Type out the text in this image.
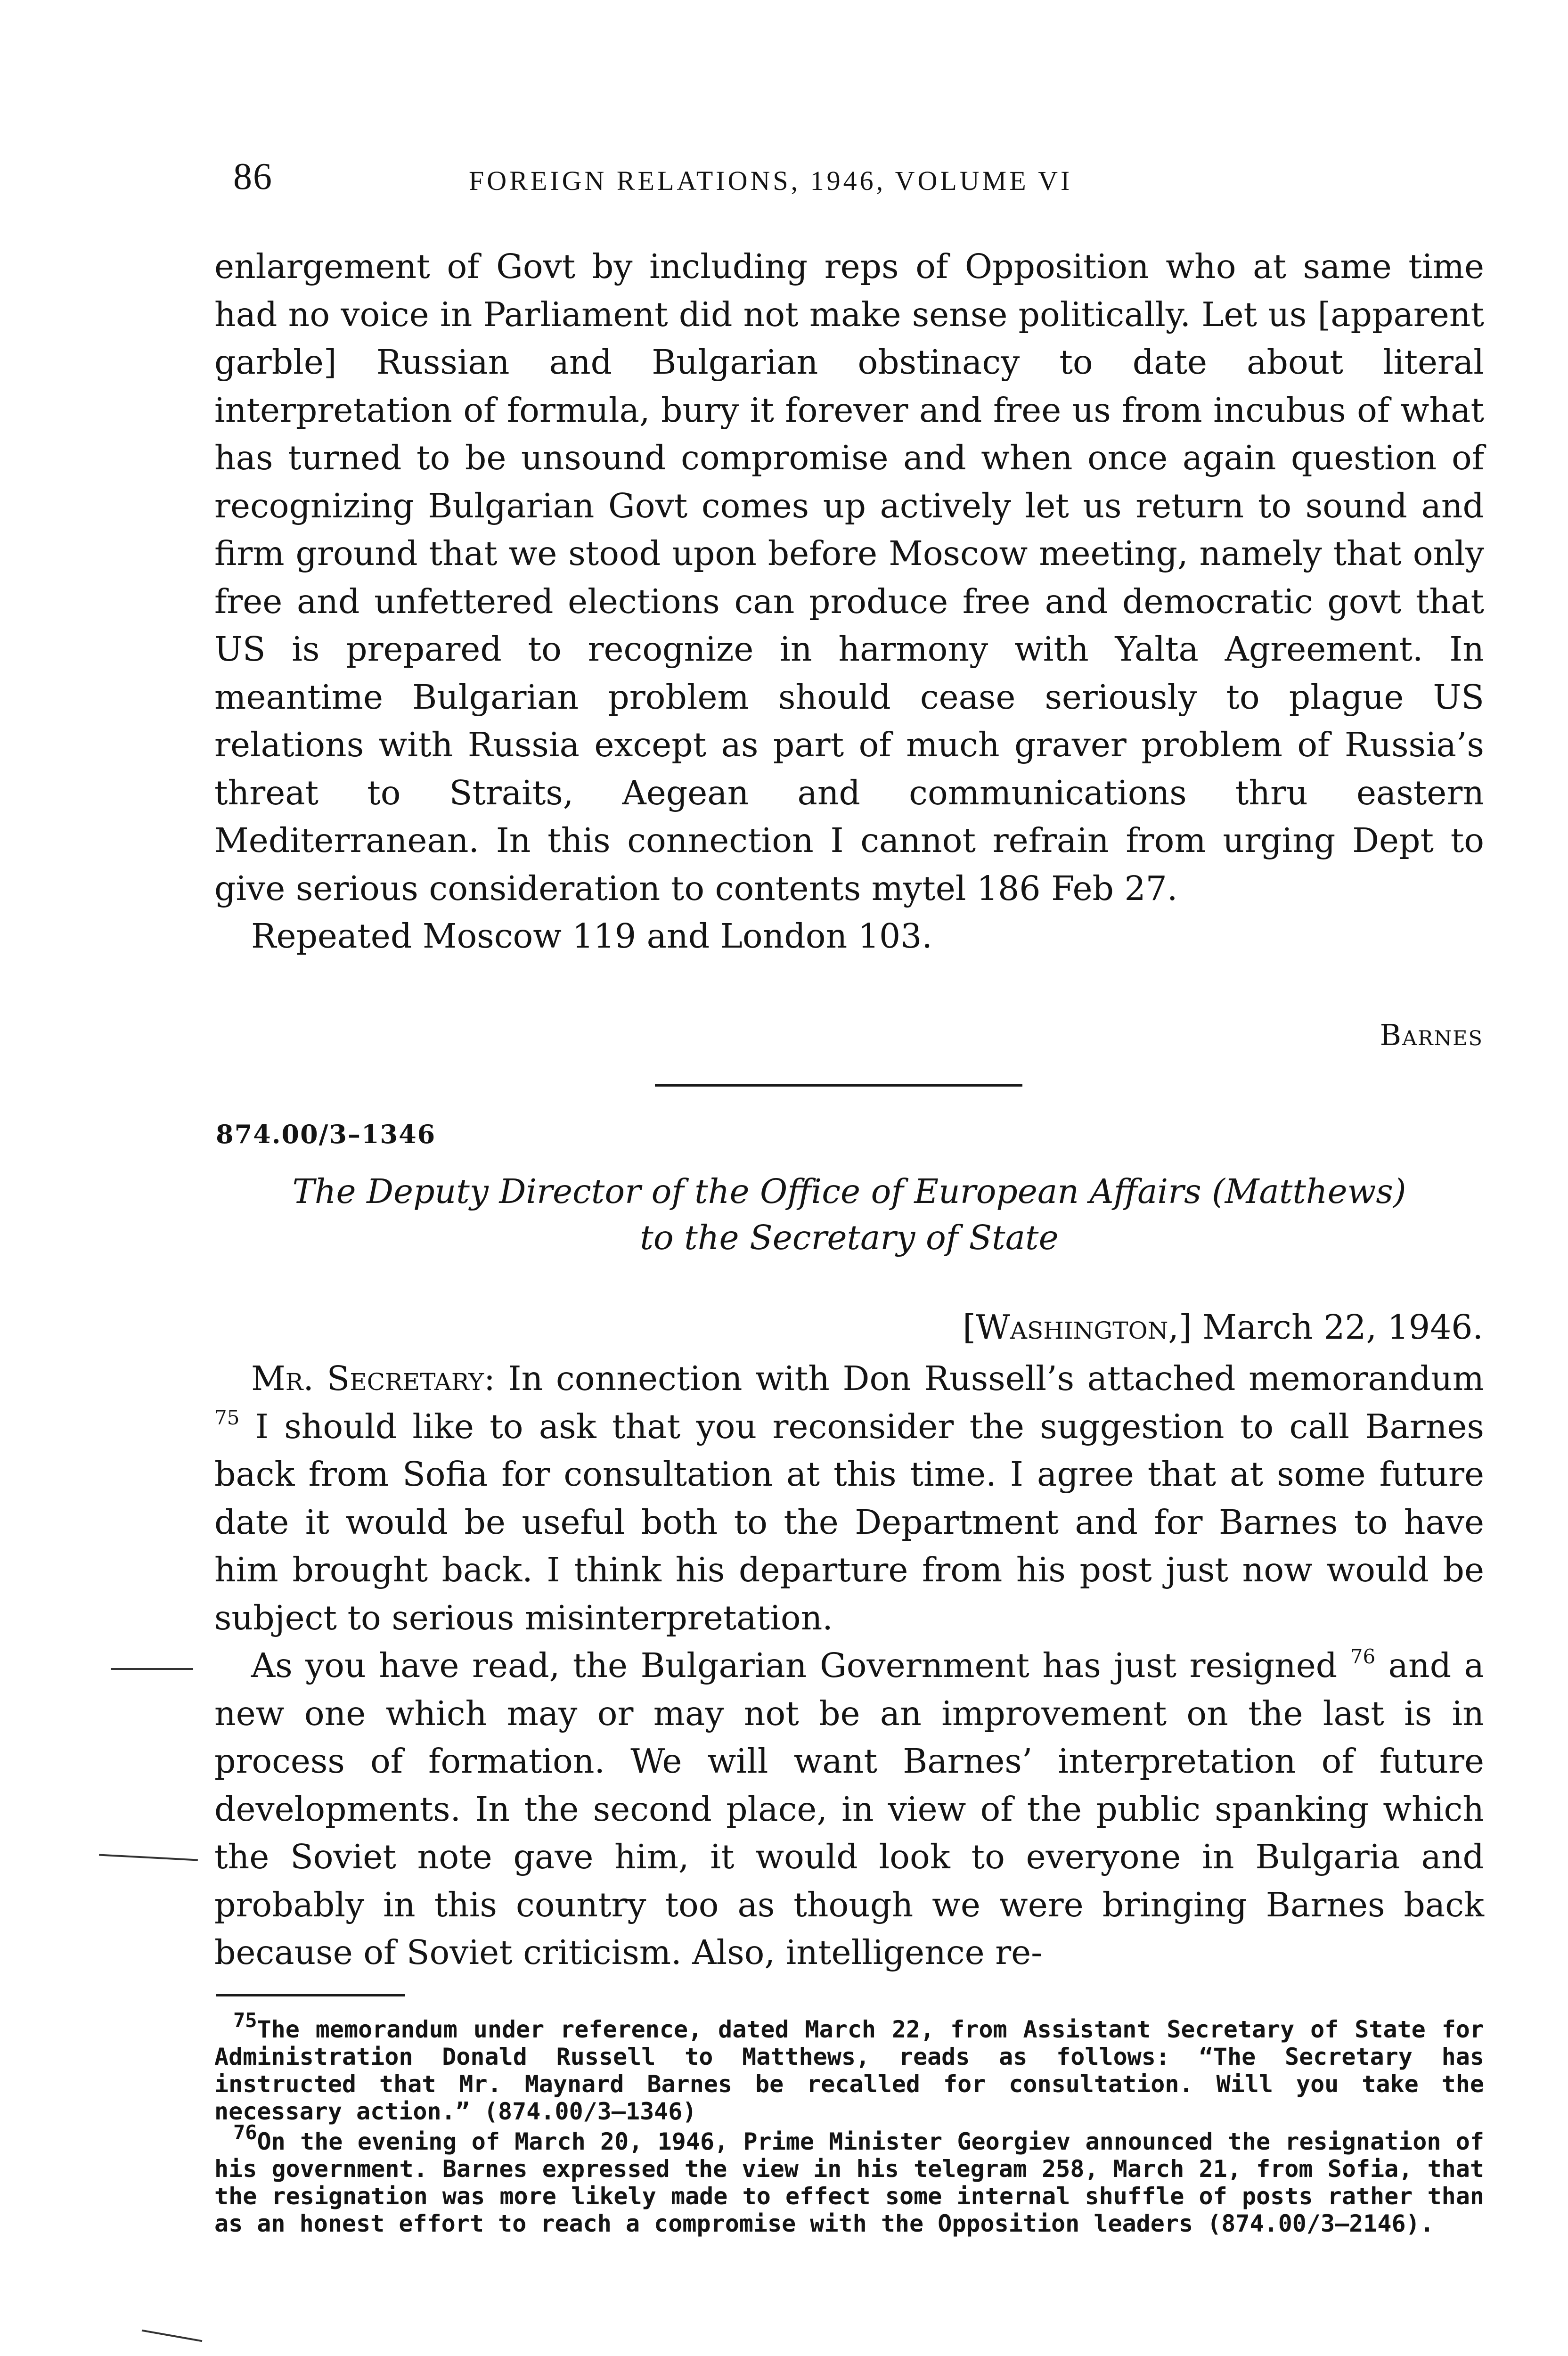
86	FOREIGN RELATIONS, 1946, VOLUME VI

enlargement of Govt by including reps of Opposition who at same time had no voice in Parliament did not make sense politically. Let us [apparent garble] Russian and Bulgarian obstinacy to date about literal interpretation of formula, bury it forever and free us from incubus of what has turned to be unsound compromise and when once again question of recognizing Bulgarian Govt comes up actively let us return to sound and firm ground that we stood upon before Moscow meeting, namely that only free and unfettered elections can produce free and democratic govt that US is prepared to recognize in harmony with Yalta Agreement. In meantime Bulgarian problem should cease seriously to plague US relations with Russia except as part of much graver problem of Russia’s threat to Straits, Aegean and communications thru eastern Mediterranean. In this connection I cannot refrain from urging Dept to give serious consideration to contents mytel 186 Feb 27.

Repeated Moscow 119 and London 103.

Barnes
874.00/3–1346
The Deputy Director of the Office of European Affairs (Matthews)
to the Secretary of State
[Washington,] March 22, 1946.

Mr. Secretary: In connection with Don Russell’s attached memorandum $^{75}$ I should like to ask that you reconsider the suggestion to call Barnes back from Sofia for consultation at this time. I agree that at some future date it would be useful both to the Department and for Barnes to have him brought back. I think his departure from his post just now would be subject to serious misinterpretation.

As you have read, the Bulgarian Government has just resigned $^{76}$ and a new one which may or may not be an improvement on the last is in process of formation. We will want Barnes’ interpretation of future developments. In the second place, in view of the public spanking which the Soviet note gave him, it would look to everyone in Bulgaria and probably in this country too as though we were bringing Barnes back because of Soviet criticism. Also, intelligence re-

$^{75}$The memorandum under reference, dated March 22, from Assistant Secretary of State for Administration Donald Russell to Matthews, reads as follows: “The Secretary has instructed that Mr. Maynard Barnes be recalled for consultation. Will you take the necessary action.” (874.00/3–1346)

$^{76}$On the evening of March 20, 1946, Prime Minister Georgiev announced the resignation of his government. Barnes expressed the view in his telegram 258, March 21, from Sofia, that the resignation was more likely made to effect some internal shuffle of posts rather than as an honest effort to reach a compromise with the Opposition leaders (874.00/3–2146).
